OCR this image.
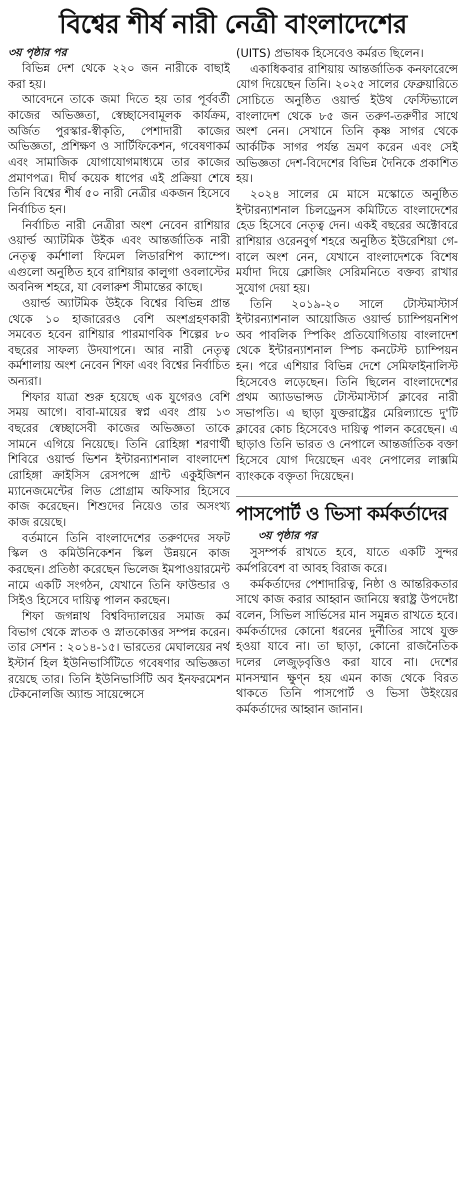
বিশ্বের শীর্ষ নারী নেত্রী বাংলাদেশের
৩য় পৃষ্ঠার পর

বিভিন্ন দেশ থেকে ২২০ জন নারীকে বাছাই করা হয়।

আবেদনে তাকে জমা দিতে হয় তার পূর্ববর্তী কাজের অভিজ্ঞতা, স্বেচ্ছাসেবামূলক কার্যক্রম, অর্জিত পুরস্কার-স্বীকৃতি, পেশাদারী কাজের অভিজ্ঞতা, প্রশিক্ষণ ও সার্টিফিকেশন, গবেষণাকর্ম এবং সামাজিক যোগাযোগমাধ্যমে তার কাজের প্রমাণপত্র। দীর্ঘ কয়েক ধাপের এই প্রক্রিয়া শেষে তিনি বিশ্বের শীর্ষ ৫০ নারী নেত্রীর একজন হিসেবে নির্বাচিত হন।

নির্বাচিত নারী নেত্রীরা অংশ নেবেন রাশিয়ার ওয়ার্ল্ড অ্যাটমিক উইক এবং আন্তর্জাতিক নারী নেতৃত্ব কর্মশালা ফিমেল লিডারশিপ ক্যাম্পে। এগুলো অনুষ্ঠিত হবে রাশিয়ার কালুগা ওবলাস্টের অবনিন্স শহরে, যা বেলারুশ সীমান্তের কাছে।

ওয়ার্ল্ড অ্যাটমিক উইকে বিশ্বের বিভিন্ন প্রান্ত থেকে ১০ হাজারেরও বেশি অংশগ্রহণকারী সমবেত হবেন রাশিয়ার পারমাণবিক শিল্পের ৮০ বছরের সাফল্য উদযাপনে। আর নারী নেতৃত্ব কর্মশালায় অংশ নেবেন শিফা এবং বিশ্বের নির্বাচিত অন্যরা।

শিফার যাত্রা শুরু হয়েছে এক যুগেরও বেশি সময় আগে। বাবা-মায়ের স্বপ্ন এবং প্রায় ১৩ বছরের স্বেচ্ছাসেবী কাজের অভিজ্ঞতা তাকে সামনে এগিয়ে নিয়েছে। তিনি রোহিঙ্গা শরণার্থী শিবিরে ওয়ার্ল্ড ভিশন ইন্টারন্যাশনাল বাংলাদেশ রোহিঙ্গা ক্রাইসিস রেসপন্সে গ্রান্ট একুইজিশন ম্যানেজমেন্টের লিড প্রোগ্রাম অফিসার হিসেবে কাজ করেছেন। শিশুদের নিয়েও তার অসংখ্য কাজ রয়েছে।

বর্তমানে তিনি বাংলাদেশের তরুণদের সফট স্কিল ও কমিউনিকেশন স্কিল উন্নয়নে কাজ করছেন। প্রতিষ্ঠা করেছেন ভিলেজ ইমপাওয়ারমেন্ট নামে একটি সংগঠন, যেখানে তিনি ফাউন্ডার ও সিইও হিসেবে দায়িত্ব পালন করছেন।

শিফা জগন্নাথ বিশ্ববিদ্যালয়ের সমাজ কর্ম বিভাগ থেকে স্নাতক ও স্নাতকোত্তর সম্পন্ন করেন। তার সেশন : ২০১৪-১৫। ভারতের মেঘালয়ের নর্থ ইস্টার্ন হিল ইউনিভার্সিটিতে গবেষণার অভিজ্ঞতা রয়েছে তার। তিনি ইউনিভার্সিটি অব ইনফরমেশন টেকনোলজি অ্যান্ড সায়েন্সেসে

(UITS) প্রভাষক হিসেবেও কর্মরত ছিলেন।

একাধিকবার রাশিয়ায় আন্তর্জাতিক কনফারেন্সে যোগ দিয়েছেন তিনি। ২০২৫ সালের ফেব্রুয়ারিতে সোচিতে অনুষ্ঠিত ওয়ার্ল্ড ইউথ ফেস্টিভ্যালে বাংলাদেশ থেকে ৮৫ জন তরুণ-তরুণীর সাথে অংশ নেন। সেখানে তিনি কৃষ্ণ সাগর থেকে আর্কটিক সাগর পর্যন্ত ভ্রমণ করেন এবং সেই অভিজ্ঞতা দেশ-বিদেশের বিভিন্ন দৈনিকে প্রকাশিত হয়।

২০২৪ সালের মে মাসে মস্কোতে অনুষ্ঠিত ইন্টারন্যাশনাল চিলড্রেনস কমিটিতে বাংলাদেশের হেড হিসেবে নেতৃত্ব দেন। একই বছরের অক্টোবরে রাশিয়ার ওরেনবুর্গ শহরে অনুষ্ঠিত ইউরেশিয়া গে-বালে অংশ নেন, যেখানে বাংলাদেশকে বিশেষ মর্যাদা দিয়ে ক্লোজিং সেরিমনিতে বক্তব্য রাখার সুযোগ দেয়া হয়।

তিনি ২০১৯-২০ সালে টোস্টমাস্টার্স ইন্টারন্যাশনাল আয়োজিত ওয়ার্ল্ড চ্যাম্পিয়নশিপ অব পাবলিক স্পিকিং প্রতিযোগিতায় বাংলাদেশ থেকে ইন্টারন্যাশনাল স্পিচ কনটেস্ট চ্যাম্পিয়ন হন। পরে এশিয়ার বিভিন্ন দেশে সেমিফাইনালিস্ট হিসেবেও লড়েছেন। তিনি ছিলেন বাংলাদেশের প্রথম অ্যাডভান্সড টোস্টমাস্টার্স ক্লাবের নারী সভাপতি। এ ছাড়া যুক্তরাষ্ট্রের মেরিল্যান্ডে দু'টি ক্লাবের কোচ হিসেবেও দায়িত্ব পালন করেছেন। এ ছাড়াও তিনি ভারত ও নেপালে আন্তর্জাতিক বক্তা হিসেবে যোগ দিয়েছেন এবং নেপালের লাক্সমি ব্যাংককে বক্তৃতা দিয়েছেন।

পাসপোর্ট ও ভিসা কর্মকর্তাদের
৩য় পৃষ্ঠার পর

সুসম্পর্ক রাখতে হবে, যাতে একটি সুন্দর কর্মপরিবেশ বা আবহ বিরাজ করে।

কর্মকর্তাদের পেশাদারিত্ব, নিষ্ঠা ও আন্তরিকতার সাথে কাজ করার আহ্বান জানিয়ে স্বরাষ্ট্র উপদেষ্টা বলেন, সিভিল সার্ভিসের মান সমুন্নত রাখতে হবে। কর্মকর্তাদের কোনো ধরনের দুর্নীতির সাথে যুক্ত হওয়া যাবে না। তা ছাড়া, কোনো রাজনৈতিক দলের লেজুড়বৃত্তিও করা যাবে না। দেশের মানসম্মান ক্ষুণ্ন হয় এমন কাজ থেকে বিরত থাকতে তিনি পাসপোর্ট ও ভিসা উইংয়ের কর্মকর্তাদের আহ্বান জানান।
